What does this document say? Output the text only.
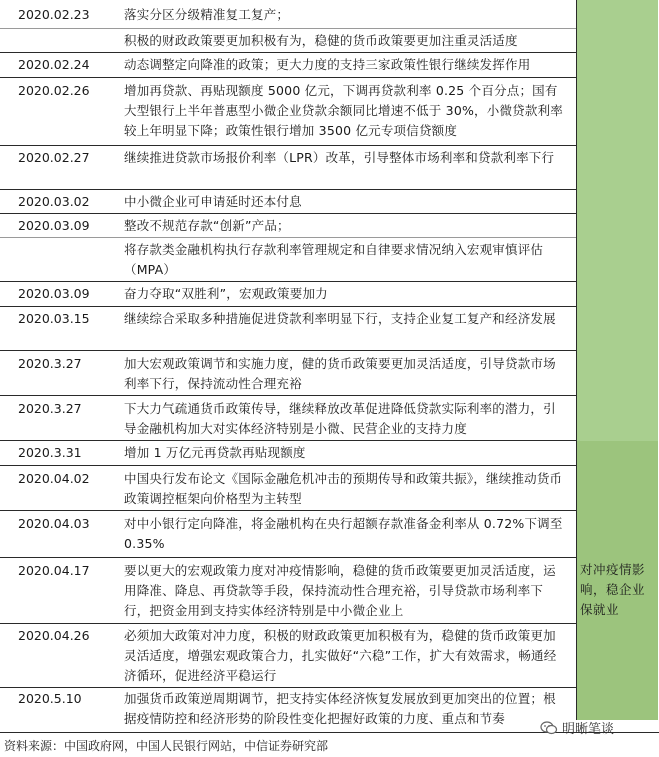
2020.02.23	落实分区分级精准复工复产；
积极的财政政策要更加积极有为，稳健的货币政策要更加注重灵活适度
2020.02.24	动态调整定向降准的政策；更大力度的支持三家政策性银行继续发挥作用
2020.02.26	增加再贷款、再贴现额度 5000 亿元，下调再贷款利率 0.25 个百分点；国有大型银行上半年普惠型小微企业贷款余额同比增速不低于 30%，小微贷款利率较上年明显下降；政策性银行增加 3500 亿元专项信贷额度
2020.02.27	继续推进贷款市场报价利率（LPR）改革，引导整体市场利率和贷款利率下行
2020.03.02	中小微企业可申请延时还本付息
2020.03.09	整改不规范存款“创新”产品；
将存款类金融机构执行存款利率管理规定和自律要求情况纳入宏观审慎评估（MPA）
2020.03.09	奋力夺取“双胜利”，宏观政策要加力
2020.03.15	继续综合采取多种措施促进贷款利率明显下行，支持企业复工复产和经济发展
2020.3.27	加大宏观政策调节和实施力度，健的货币政策要更加灵活适度，引导贷款市场利率下行，保持流动性合理充裕
2020.3.27	下大力气疏通货币政策传导，继续释放改革促进降低贷款实际利率的潜力，引导金融机构加大对实体经济特别是小微、民营企业的支持力度
2020.3.31	增加 1 万亿元再贷款再贴现额度
2020.04.02	中国央行发布论文《国际金融危机冲击的预期传导和政策共振》，继续推动货币政策调控框架向价格型为主转型
2020.04.03	对中小银行定向降准，将金融机构在央行超额存款准备金利率从 0.72%下调至 0.35%
2020.04.17	要以更大的宏观政策力度对冲疫情影响，稳健的货币政策要更加灵活适度，运用降准、降息、再贷款等手段，保持流动性合理充裕，引导贷款市场利率下行，把资金用到支持实体经济特别是中小微企业上
2020.04.26	必须加大政策对冲力度，积极的财政政策更加积极有为，稳健的货币政策更加灵活适度，增强宏观政策合力，扎实做好“六稳”工作，扩大有效需求，畅通经济循环，促进经济平稳运行
2020.5.10	加强货币政策逆周期调节，把支持实体经济恢复发展放到更加突出的位置；根据疫情防控和经济形势的阶段性变化把握好政策的力度、重点和节奏
对冲疫情影响，稳企业保就业
明晰笔谈
资料来源：中国政府网，中国人民银行网站，中信证券研究部
